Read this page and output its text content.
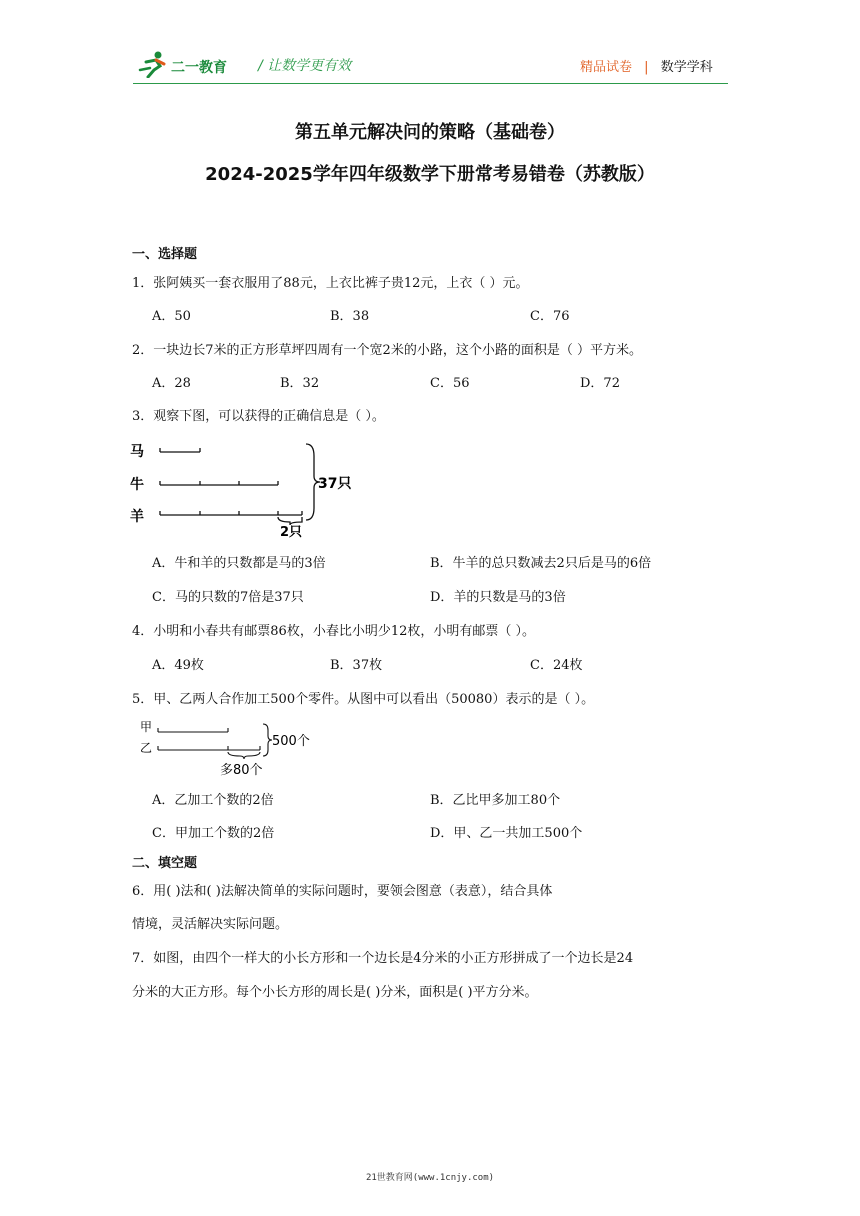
二一教育 / 让数学更有效	精品试卷 | 数学学科
第五单元解决问的策略（基础卷）
2024-2025学年四年级数学下册常考易错卷（苏教版）
一、选择题
1．张阿姨买一套衣服用了88元，上衣比裤子贵12元，上衣（ ）元。
A．50	B．38	C．76
2．一块边长7米的正方形草坪四周有一个宽2米的小路，这个小路的面积是（ ）平方米。
A．28	B．32	C．56	D．72
3．观察下图，可以获得的正确信息是（ ）。
马
牛
羊
2只
37只
A．牛和羊的只数都是马的3倍	B．牛羊的总只数减去2只后是马的6倍
C．马的只数的7倍是37只	D．羊的只数是马的3倍
4．小明和小春共有邮票86枚，小春比小明少12枚，小明有邮票（ ）。
A．49枚	B．37枚	C．24枚
5．甲、乙两人合作加工500个零件。从图中可以看出（50080）表示的是（ ）。
甲
乙
多80个
500个
A．乙加工个数的2倍	B．乙比甲多加工80个
C．甲加工个数的2倍	D．甲、乙一共加工500个
二、填空题
6．用( )法和( )法解决简单的实际问题时，要领会图意（表意），结合具体
情境，灵活解决实际问题。
7．如图，由四个一样大的小长方形和一个边长是4分米的小正方形拼成了一个边长是24
分米的大正方形。每个小长方形的周长是( )分米，面积是( )平方分米。
21世教育网(www.1cnjy.com)
